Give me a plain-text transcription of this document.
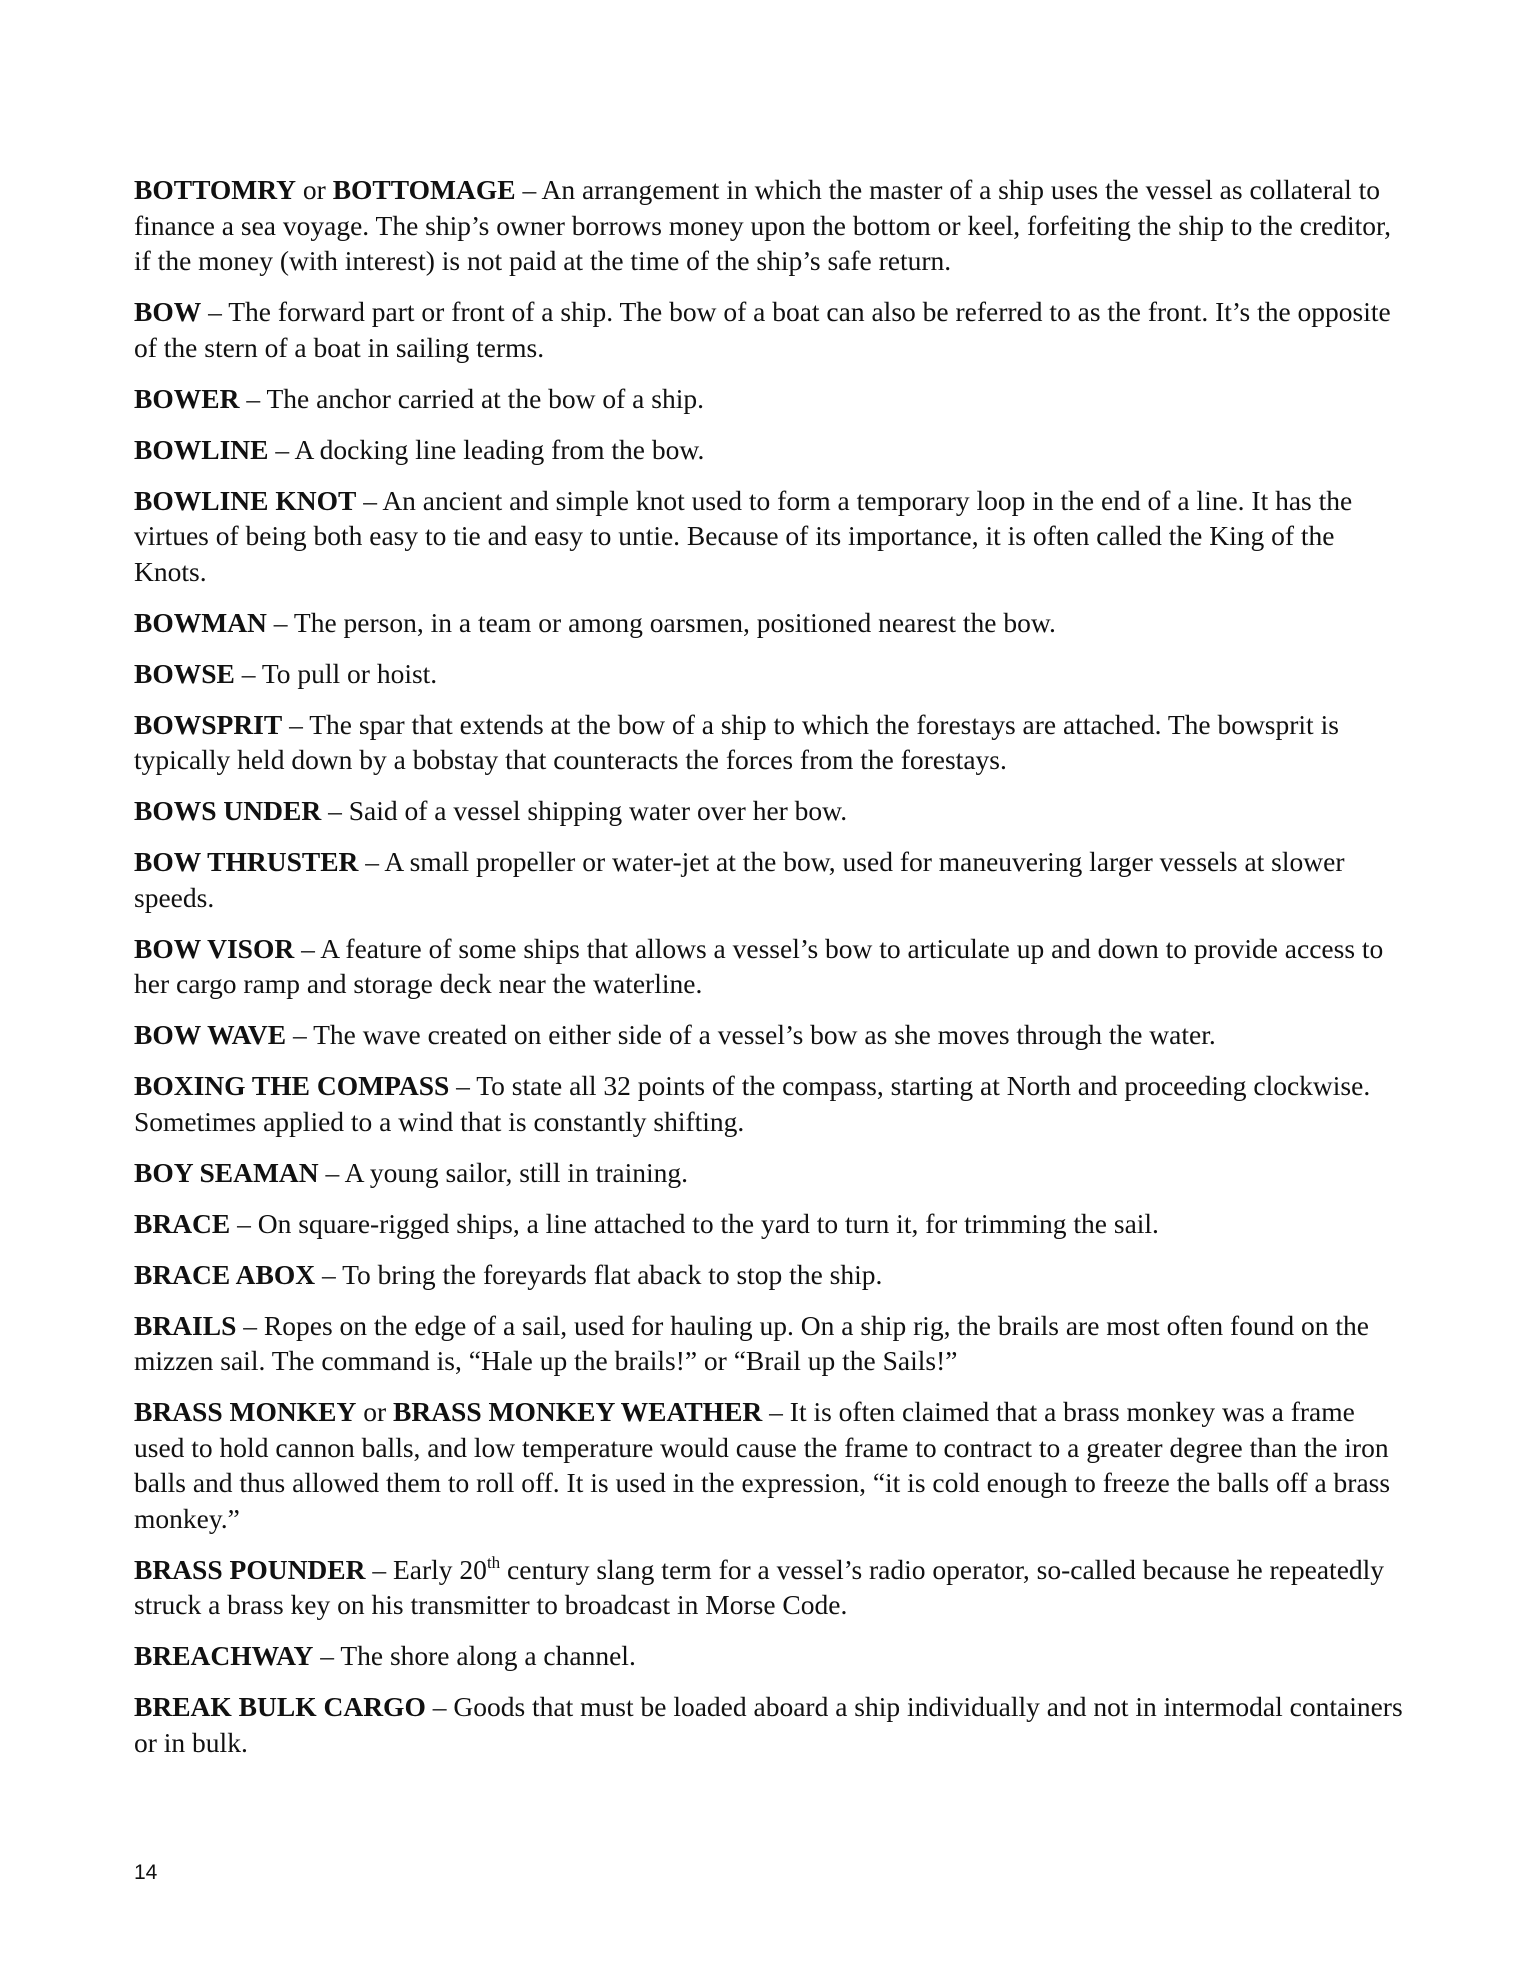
BOTTOMRY or BOTTOMAGE – An arrangement in which the master of a ship uses the vessel as collateral to finance a sea voyage. The ship’s owner borrows money upon the bottom or keel, forfeiting the ship to the creditor, if the money (with interest) is not paid at the time of the ship’s safe return.

BOW – The forward part or front of a ship. The bow of a boat can also be referred to as the front. It’s the opposite of the stern of a boat in sailing terms.

BOWER – The anchor carried at the bow of a ship.

BOWLINE – A docking line leading from the bow.

BOWLINE KNOT – An ancient and simple knot used to form a temporary loop in the end of a line. It has the virtues of being both easy to tie and easy to untie. Because of its importance, it is often called the King of the Knots.

BOWMAN – The person, in a team or among oarsmen, positioned nearest the bow.

BOWSE – To pull or hoist.

BOWSPRIT – The spar that extends at the bow of a ship to which the forestays are attached. The bowsprit is typically held down by a bobstay that counteracts the forces from the forestays.

BOWS UNDER – Said of a vessel shipping water over her bow.

BOW THRUSTER – A small propeller or water-jet at the bow, used for maneuvering larger vessels at slower speeds.

BOW VISOR – A feature of some ships that allows a vessel’s bow to articulate up and down to provide access to her cargo ramp and storage deck near the waterline.

BOW WAVE – The wave created on either side of a vessel’s bow as she moves through the water.

BOXING THE COMPASS – To state all 32 points of the compass, starting at North and proceeding clockwise. Sometimes applied to a wind that is constantly shifting.

BOY SEAMAN – A young sailor, still in training.

BRACE – On square-rigged ships, a line attached to the yard to turn it, for trimming the sail.

BRACE ABOX – To bring the foreyards flat aback to stop the ship.

BRAILS – Ropes on the edge of a sail, used for hauling up. On a ship rig, the brails are most often found on the mizzen sail. The command is, “Hale up the brails!” or “Brail up the Sails!”

BRASS MONKEY or BRASS MONKEY WEATHER – It is often claimed that a brass monkey was a frame used to hold cannon balls, and low temperature would cause the frame to contract to a greater degree than the iron balls and thus allowed them to roll off. It is used in the expression, “it is cold enough to freeze the balls off a brass monkey.”

BRASS POUNDER – Early 20th century slang term for a vessel’s radio operator, so-called because he repeatedly struck a brass key on his transmitter to broadcast in Morse Code.

BREACHWAY – The shore along a channel.

BREAK BULK CARGO – Goods that must be loaded aboard a ship individually and not in intermodal containers or in bulk.

14
